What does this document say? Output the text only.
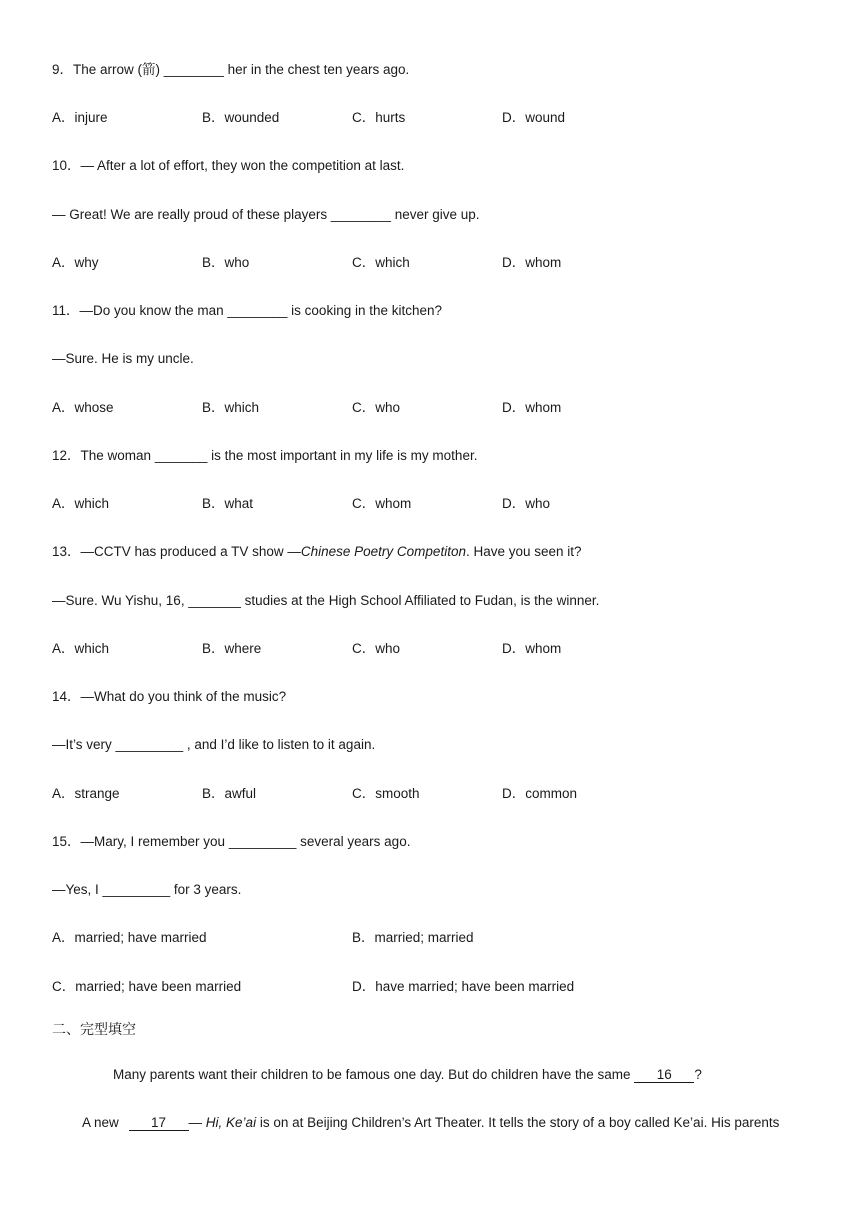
9．The arrow (箭) ________ her in the chest ten years ago.
A．injure	B．wounded	C．hurts	D．wound
10．— After a lot of effort, they won the competition at last.
— Great! We are really proud of these players ________ never give up.
A．why	B．who	C．which	D．whom
11．—Do you know the man ________ is cooking in the kitchen?
—Sure. He is my uncle.
A．whose	B．which	C．who	D．whom
12．The woman _______ is the most important in my life is my mother.
A．which	B．what	C．whom	D．who
13．—CCTV has produced a TV show —Chinese Poetry Competiton. Have you seen it?
—Sure. Wu Yishu, 16, _______ studies at the High School Affiliated to Fudan, is the winner.
A．which	B．where	C．who	D．whom
14．—What do you think of the music?
—It’s very _________ , and I’d like to listen to it again.
A．strange	B．awful	C．smooth	D．common
15．—Mary, I remember you _________ several years ago.
—Yes, I _________ for 3 years.
A．married; have married	B．married; married
C．married; have been married	D．have married; have been married
二、完型填空
Many parents want their children to be famous one day. But do children have the same 16 ?
A new 17 — Hi, Ke’ai is on at Beijing Children’s Art Theater. It tells the story of a boy called Ke’ai. His parents
